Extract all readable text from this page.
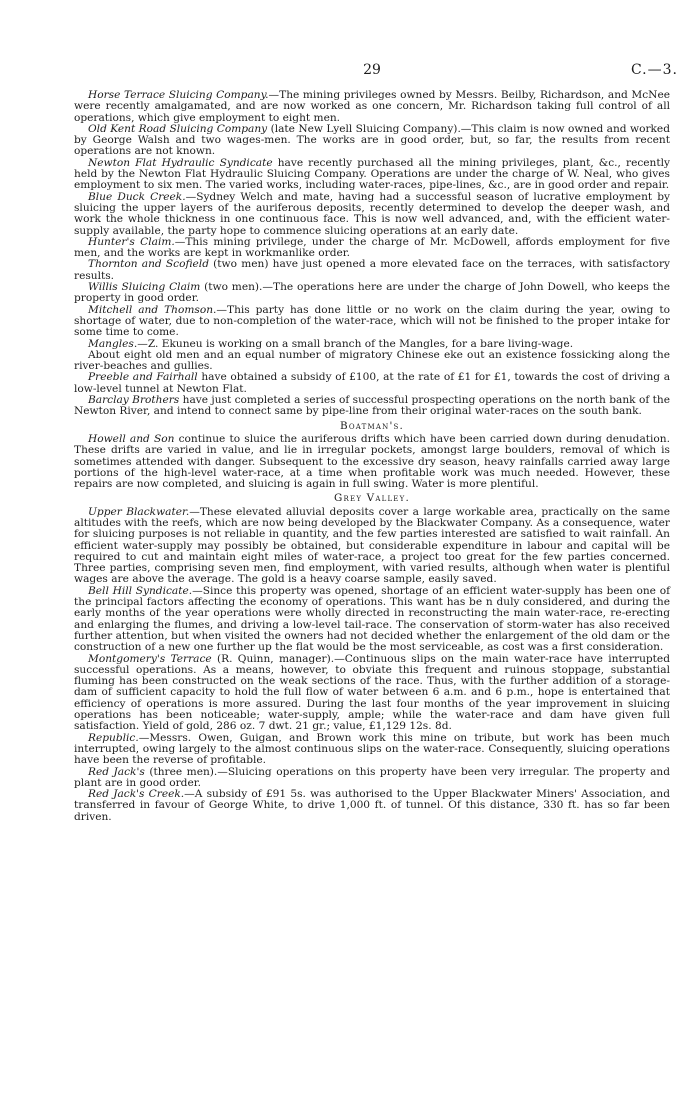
29	C.—3.

Horse Terrace Sluicing Company.—The mining privileges owned by Messrs. Beilby, Richardson, and McNee were recently amalgamated, and are now worked as one concern, Mr. Richardson taking full control of all operations, which give employment to eight men.

Old Kent Road Sluicing Company (late New Lyell Sluicing Company).—This claim is now owned and worked by George Walsh and two wages-men. The works are in good order, but, so far, the results from recent operations are not known.

Newton Flat Hydraulic Syndicate have recently purchased all the mining privileges, plant, &c., recently held by the Newton Flat Hydraulic Sluicing Company. Operations are under the charge of W. Neal, who gives employment to six men. The varied works, including water-races, pipe-lines, &c., are in good order and repair.

Blue Duck Creek.—Sydney Welch and mate, having had a successful season of lucrative employment by sluicing the upper layers of the auriferous deposits, recently determined to develop the deeper wash, and work the whole thickness in one continuous face. This is now well advanced, and, with the efficient water-supply available, the party hope to commence sluicing operations at an early date.

Hunter's Claim.—This mining privilege, under the charge of Mr. McDowell, affords employment for five men, and the works are kept in workmanlike order.

Thornton and Scofield (two men) have just opened a more elevated face on the terraces, with satisfactory results.

Willis Sluicing Claim (two men).—The operations here are under the charge of John Dowell, who keeps the property in good order.

Mitchell and Thomson.—This party has done little or no work on the claim during the year, owing to shortage of water, due to non-completion of the water-race, which will not be finished to the proper intake for some time to come.

Mangles.—Z. Ekuneu is working on a small branch of the Mangles, for a bare living-wage.

About eight old men and an equal number of migratory Chinese eke out an existence fossicking along the river-beaches and gullies.

Preeble and Fairhall have obtained a subsidy of £100, at the rate of £1 for £1, towards the cost of driving a low-level tunnel at Newton Flat.

Barclay Brothers have just completed a series of successful prospecting operations on the north bank of the Newton River, and intend to connect same by pipe-line from their original water-races on the south bank.

Boatman's.

Howell and Son continue to sluice the auriferous drifts which have been carried down during denudation. These drifts are varied in value, and lie in irregular pockets, amongst large boulders, removal of which is sometimes attended with danger. Subsequent to the excessive dry season, heavy rainfalls carried away large portions of the high-level water-race, at a time when profitable work was much needed. However, these repairs are now completed, and sluicing is again in full swing. Water is more plentiful.

Grey Valley.

Upper Blackwater.—These elevated alluvial deposits cover a large workable area, practically on the same altitudes with the reefs, which are now being developed by the Blackwater Company. As a consequence, water for sluicing purposes is not reliable in quantity, and the few parties interested are satisfied to wait rainfall. An efficient water-supply may possibly be obtained, but considerable expenditure in labour and capital will be required to cut and maintain eight miles of water-race, a project too great for the few parties concerned. Three parties, comprising seven men, find employment, with varied results, although when water is plentiful wages are above the average. The gold is a heavy coarse sample, easily saved.

Bell Hill Syndicate.—Since this property was opened, shortage of an efficient water-supply has been one of the principal factors affecting the economy of operations. This want has be n duly considered, and during the early months of the year operations were wholly directed in reconstructing the main water-race, re-erecting and enlarging the flumes, and driving a low-level tail-race. The conservation of storm-water has also received further attention, but when visited the owners had not decided whether the enlargement of the old dam or the construction of a new one further up the flat would be the most serviceable, as cost was a first consideration.

Montgomery's Terrace (R. Quinn, manager).—Continuous slips on the main water-race have interrupted successful operations. As a means, however, to obviate this frequent and ruinous stoppage, substantial fluming has been constructed on the weak sections of the race. Thus, with the further addition of a storage-dam of sufficient capacity to hold the full flow of water between 6 a.m. and 6 p.m., hope is entertained that efficiency of operations is more assured. During the last four months of the year improvement in sluicing operations has been noticeable; water-supply, ample; while the water-race and dam have given full satisfaction. Yield of gold, 286 oz. 7 dwt. 21 gr.; value, £1,129 12s. 8d.

Republic.—Messrs. Owen, Guigan, and Brown work this mine on tribute, but work has been much interrupted, owing largely to the almost continuous slips on the water-race. Consequently, sluicing operations have been the reverse of profitable.

Red Jack's (three men).—Sluicing operations on this property have been very irregular. The property and plant are in good order.

Red Jack's Creek.—A subsidy of £91 5s. was authorised to the Upper Blackwater Miners' Association, and transferred in favour of George White, to drive 1,000 ft. of tunnel. Of this distance, 330 ft. has so far been driven.
